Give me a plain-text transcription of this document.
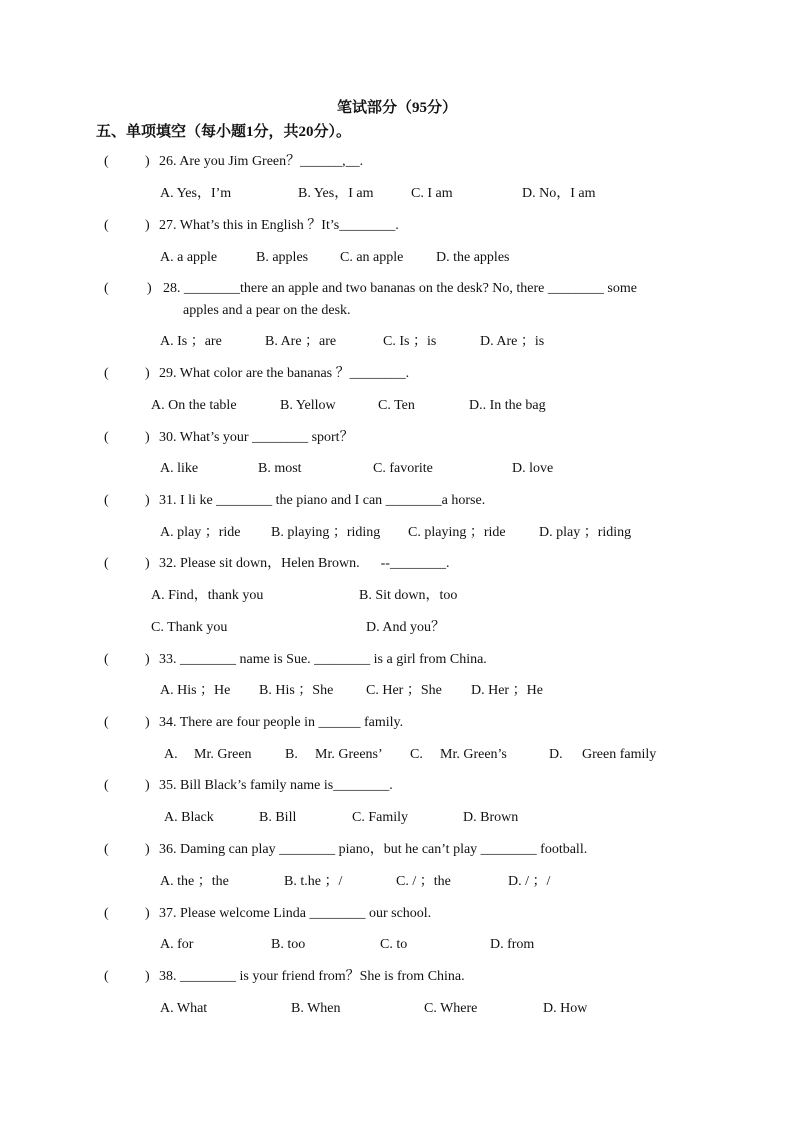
笔试部分（95分）
五、单项填空（每小题1分，共20分）。
(	) 26. Are you Jim Green？______,__.
A. Yes，I’m	B. Yes，I am	C. I am	D. No，I am
(	) 27. What’s this in English ？It’s________.
A. a apple	B. apples C. an apple D. the apples
(	) 28. ________there an apple and two bananas on the desk? No, there ________ some
apples and a pear on the desk.
A. Is ；are	B. Are ；are	C. Is ；is	D. Are ；is
(	) 29. What color are the bananas ？________.
A. On the table	B. Yellow	C. Ten	D.. In the bag
(	) 30. What’s your ________ sport？
A. like	B. most	C. favorite	D. love
(	) 31. I li ke ________ the piano and I can ________a horse.
A. play ；ride B. playing ；riding C. playing ；ride D. play ；riding
(	) 32. Please sit down，Helen Brown.      --________.
A. Find，thank you	B. Sit down，too
C. Thank you	D. And you？
(	) 33. ________ name is Sue. ________ is a girl from China.
A. His ；He B. His ；She C. Her ；She D. Her ；He
(	) 34. There are four people in ______ family.
A. Mr. Green B. Mr. Greens’ C. Mr. Green’s	D. Green family
(	) 35. Bill Black’s family name is________.
A. Black	B. Bill	C. Family	D. Brown
(	) 36. Daming can play ________ piano，but he can’t play ________ football.
A. the ；the	B. t.he ；/	C. / ；the	D. / ；/
(	) 37. Please welcome Linda ________ our school.
A. for	B. too	C. to	D. from
(	) 38. ________ is your friend from？She is from China.
A. What	B. When	C. Where	D. How
